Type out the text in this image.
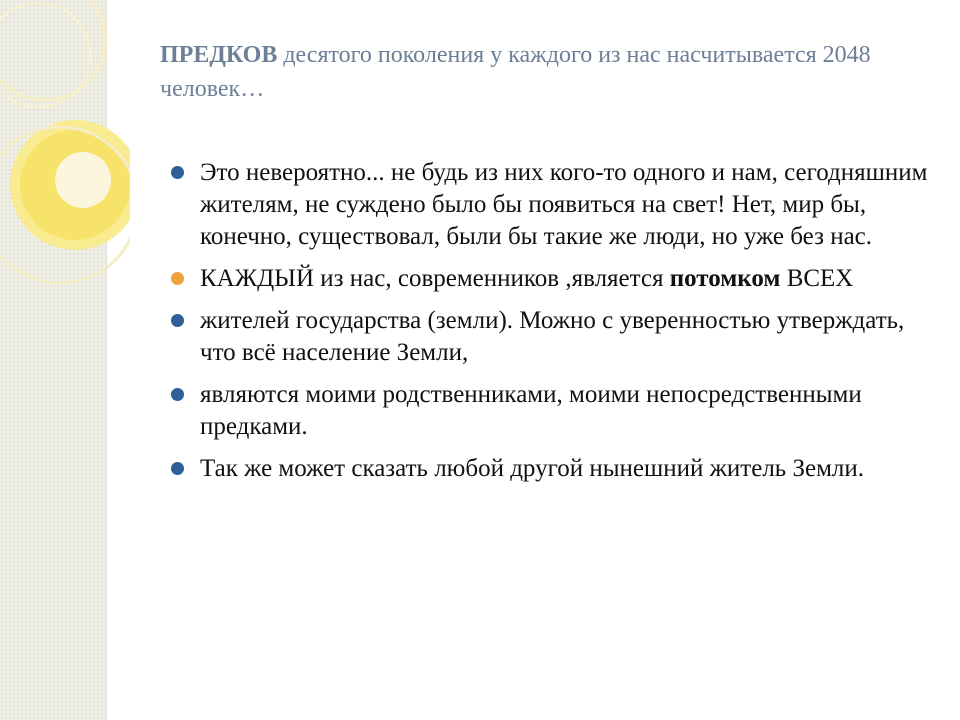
ПРЕДКОВ десятого поколения у каждого из нас насчитывается 2048 человек…
Это невероятно... не будь из них кого-то одного и нам, сегодняшним жителям, не суждено было бы появиться на свет! Нет, мир бы, конечно, существовал, были бы такие же люди, но уже без нас.
КАЖДЫЙ из нас, современников ,является потомком ВСЕХ
жителей государства (земли). Можно с уверенностью утверждать, что всё население Земли,
являются моими родственниками, моими непосредственными предками.
Так же может сказать любой другой нынешний житель Земли.
